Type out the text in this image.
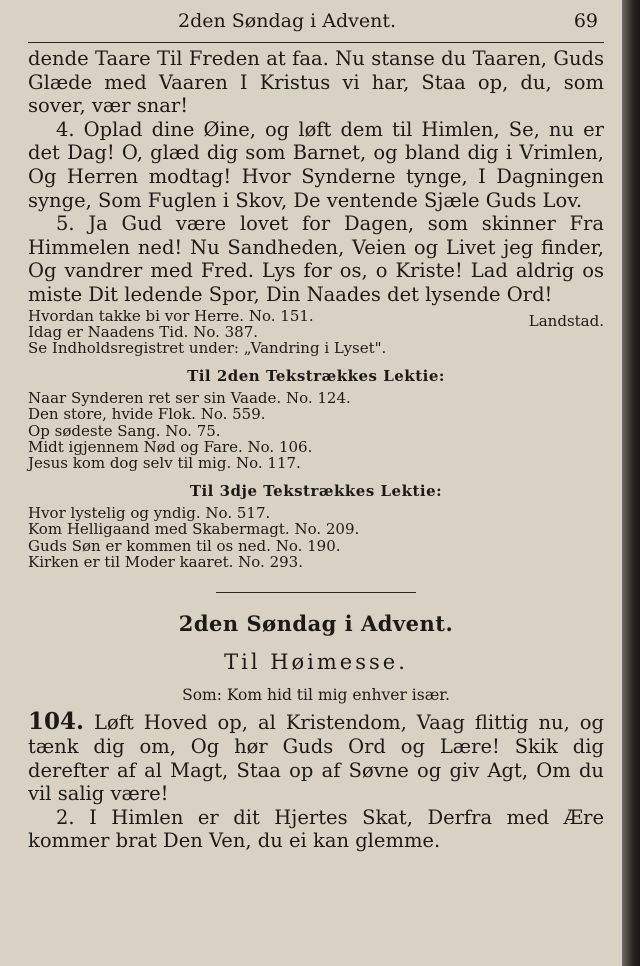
2den Søndag i Advent.	69
dende Taare Til Freden at faa. Nu stanse du Taaren, Guds Glæde med Vaaren I Kristus vi har, Staa op, du, som sover, vær snar!
4. Oplad dine Øine, og løft dem til Himlen, Se, nu er det Dag! O, glæd dig som Barnet, og bland dig i Vrimlen, Og Herren modtag! Hvor Synderne tynge, I Dagningen synge, Som Fuglen i Skov, De ventende Sjæle Guds Lov.
5. Ja Gud være lovet for Dagen, som skinner Fra Himmelen ned! Nu Sandheden, Veien og Livet jeg finder, Og vandrer med Fred. Lys for os, o Kriste! Lad aldrig os miste Dit ledende Spor, Din Naades det lysende Ord!
Landstad.
Hvordan takke bi vor Herre. No. 151.
Idag er Naadens Tid. No. 387.
Se Indholdsregistret under: „Vandring i Lyset".
Til 2den Tekstrækkes Lektie:
Naar Synderen ret ser sin Vaade. No. 124.
Den store, hvide Flok. No. 559.
Op sødeste Sang. No. 75.
Midt igjennem Nød og Fare. No. 106.
Jesus kom dog selv til mig. No. 117.
Til 3dje Tekstrækkes Lektie:
Hvor lystelig og yndig. No. 517.
Kom Helligaand med Skabermagt. No. 209.
Guds Søn er kommen til os ned. No. 190.
Kirken er til Moder kaaret. No. 293.
2den Søndag i Advent.
Til Høimesse.
Som: Kom hid til mig enhver især.
104. Løft Hoved op, al Kristendom, Vaag flittig nu, og tænk dig om, Og hør Guds Ord og Lære! Skik dig derefter af al Magt, Staa op af Søvne og giv Agt, Om du vil salig være!
2. I Himlen er dit Hjertes Skat, Derfra med Ære kommer brat Den Ven, du ei kan glemme.
